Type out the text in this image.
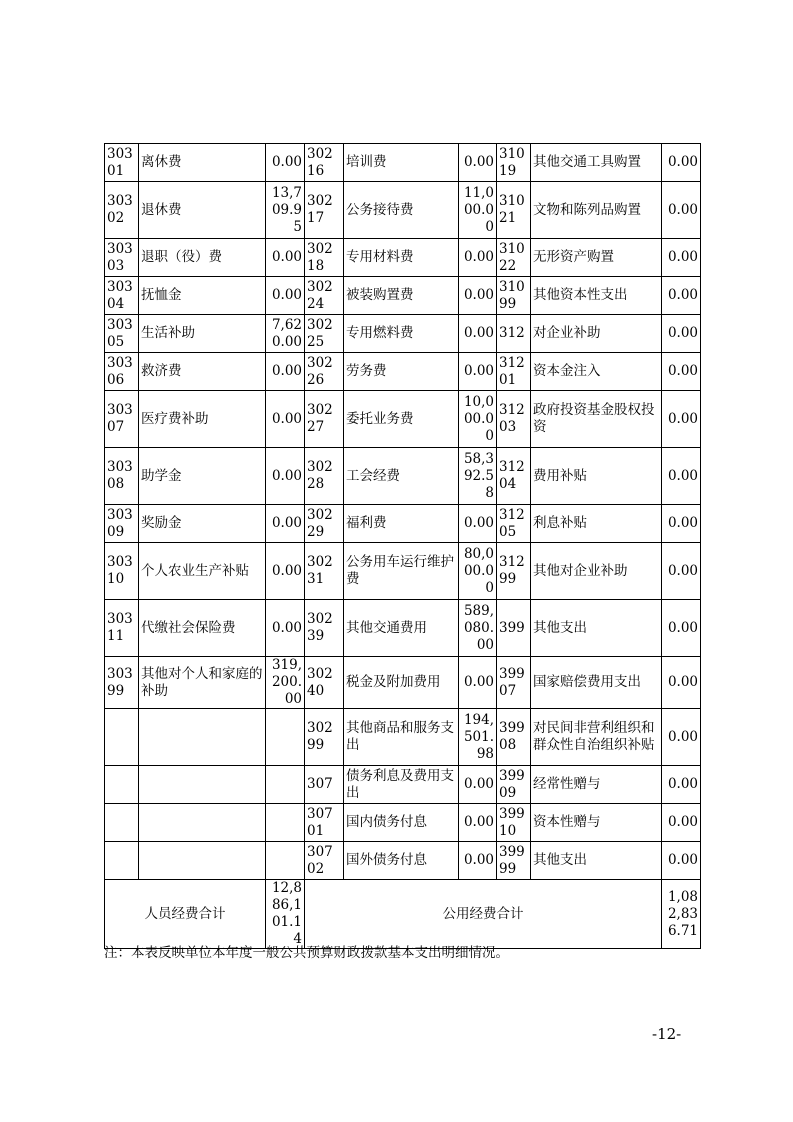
30301	离休费	0.00	30216	培训费	0.00	31019	其他交通工具购置	0.00
30302	退休费	13,709.95	30217	公务接待费	11,000.00	31021	文物和陈列品购置	0.00
30303	退职（役）费	0.00	30218	专用材料费	0.00	31022	无形资产购置	0.00
30304	抚恤金	0.00	30224	被装购置费	0.00	31099	其他资本性支出	0.00
30305	生活补助	7,620.00	30225	专用燃料费	0.00	312	对企业补助	0.00
30306	救济费	0.00	30226	劳务费	0.00	31201	资本金注入	0.00
30307	医疗费补助	0.00	30227	委托业务费	10,000.00	31203	政府投资基金股权投资	0.00
30308	助学金	0.00	30228	工会经费	58,392.58	31204	费用补贴	0.00
30309	奖励金	0.00	30229	福利费	0.00	31205	利息补贴	0.00
30310	个人农业生产补贴	0.00	30231	公务用车运行维护费	80,000.00	31299	其他对企业补助	0.00
30311	代缴社会保险费	0.00	30239	其他交通费用	589,080.00	399	其他支出	0.00
30399	其他对个人和家庭的补助	319,200.00	30240	税金及附加费用	0.00	39907	国家赔偿费用支出	0.00
			30299	其他商品和服务支出	194,501.98	39908	对民间非营利组织和群众性自治组织补贴	0.00
			307	债务利息及费用支出	0.00	39909	经常性赠与	0.00
			30701	国内债务付息	0.00	39910	资本性赠与	0.00
			30702	国外债务付息	0.00	39999	其他支出	0.00
人员经费合计		12,886,101.14	公用经费合计					1,082,836.71
注：本表反映单位本年度一般公共预算财政拨款基本支出明细情况。
-12-
